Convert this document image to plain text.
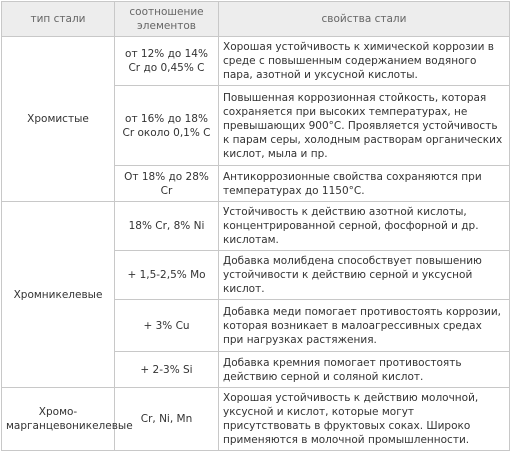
тип стали	соотношение элементов	свойства стали
Хромистые	от 12% до 14% Cr до 0,45% С	Хорошая устойчивость к химической коррозии в среде с повышенным содержанием водяного пара, азотной и уксусной кислоты.
	от 16% до 18% Cr около 0,1% С	Повышенная коррозионная стойкость, которая сохраняется при высоких температурах, не превышающих 900°С. Проявляется устойчивость к парам серы, холодным растворам органических кислот, мыла и пр.
	От 18% до 28% Cr	Антикоррозионные свойства сохраняются при температурах до 1150°С.
Хромникелевые	18% Cr, 8% Ni	Устойчивость к действию азотной кислоты, концентрированной серной, фосфорной и др. кислотам.
	+ 1,5-2,5% Mo	Добавка молибдена способствует повышению устойчивости к действию серной и уксусной кислот.
	+ 3% Cu	Добавка меди помогает противостоять коррозии, которая возникает в малоагрессивных средах при нагрузках растяжения.
	+ 2-3% Si	Добавка кремния помогает противостоять действию серной и соляной кислот.
Хромо-марганцевоникелевые	Cr, Ni, Mn	Хорошая устойчивость к действию молочной, уксусной и кислот, которые могут присутствовать в фруктовых соках. Широко применяются в молочной промышленности.
